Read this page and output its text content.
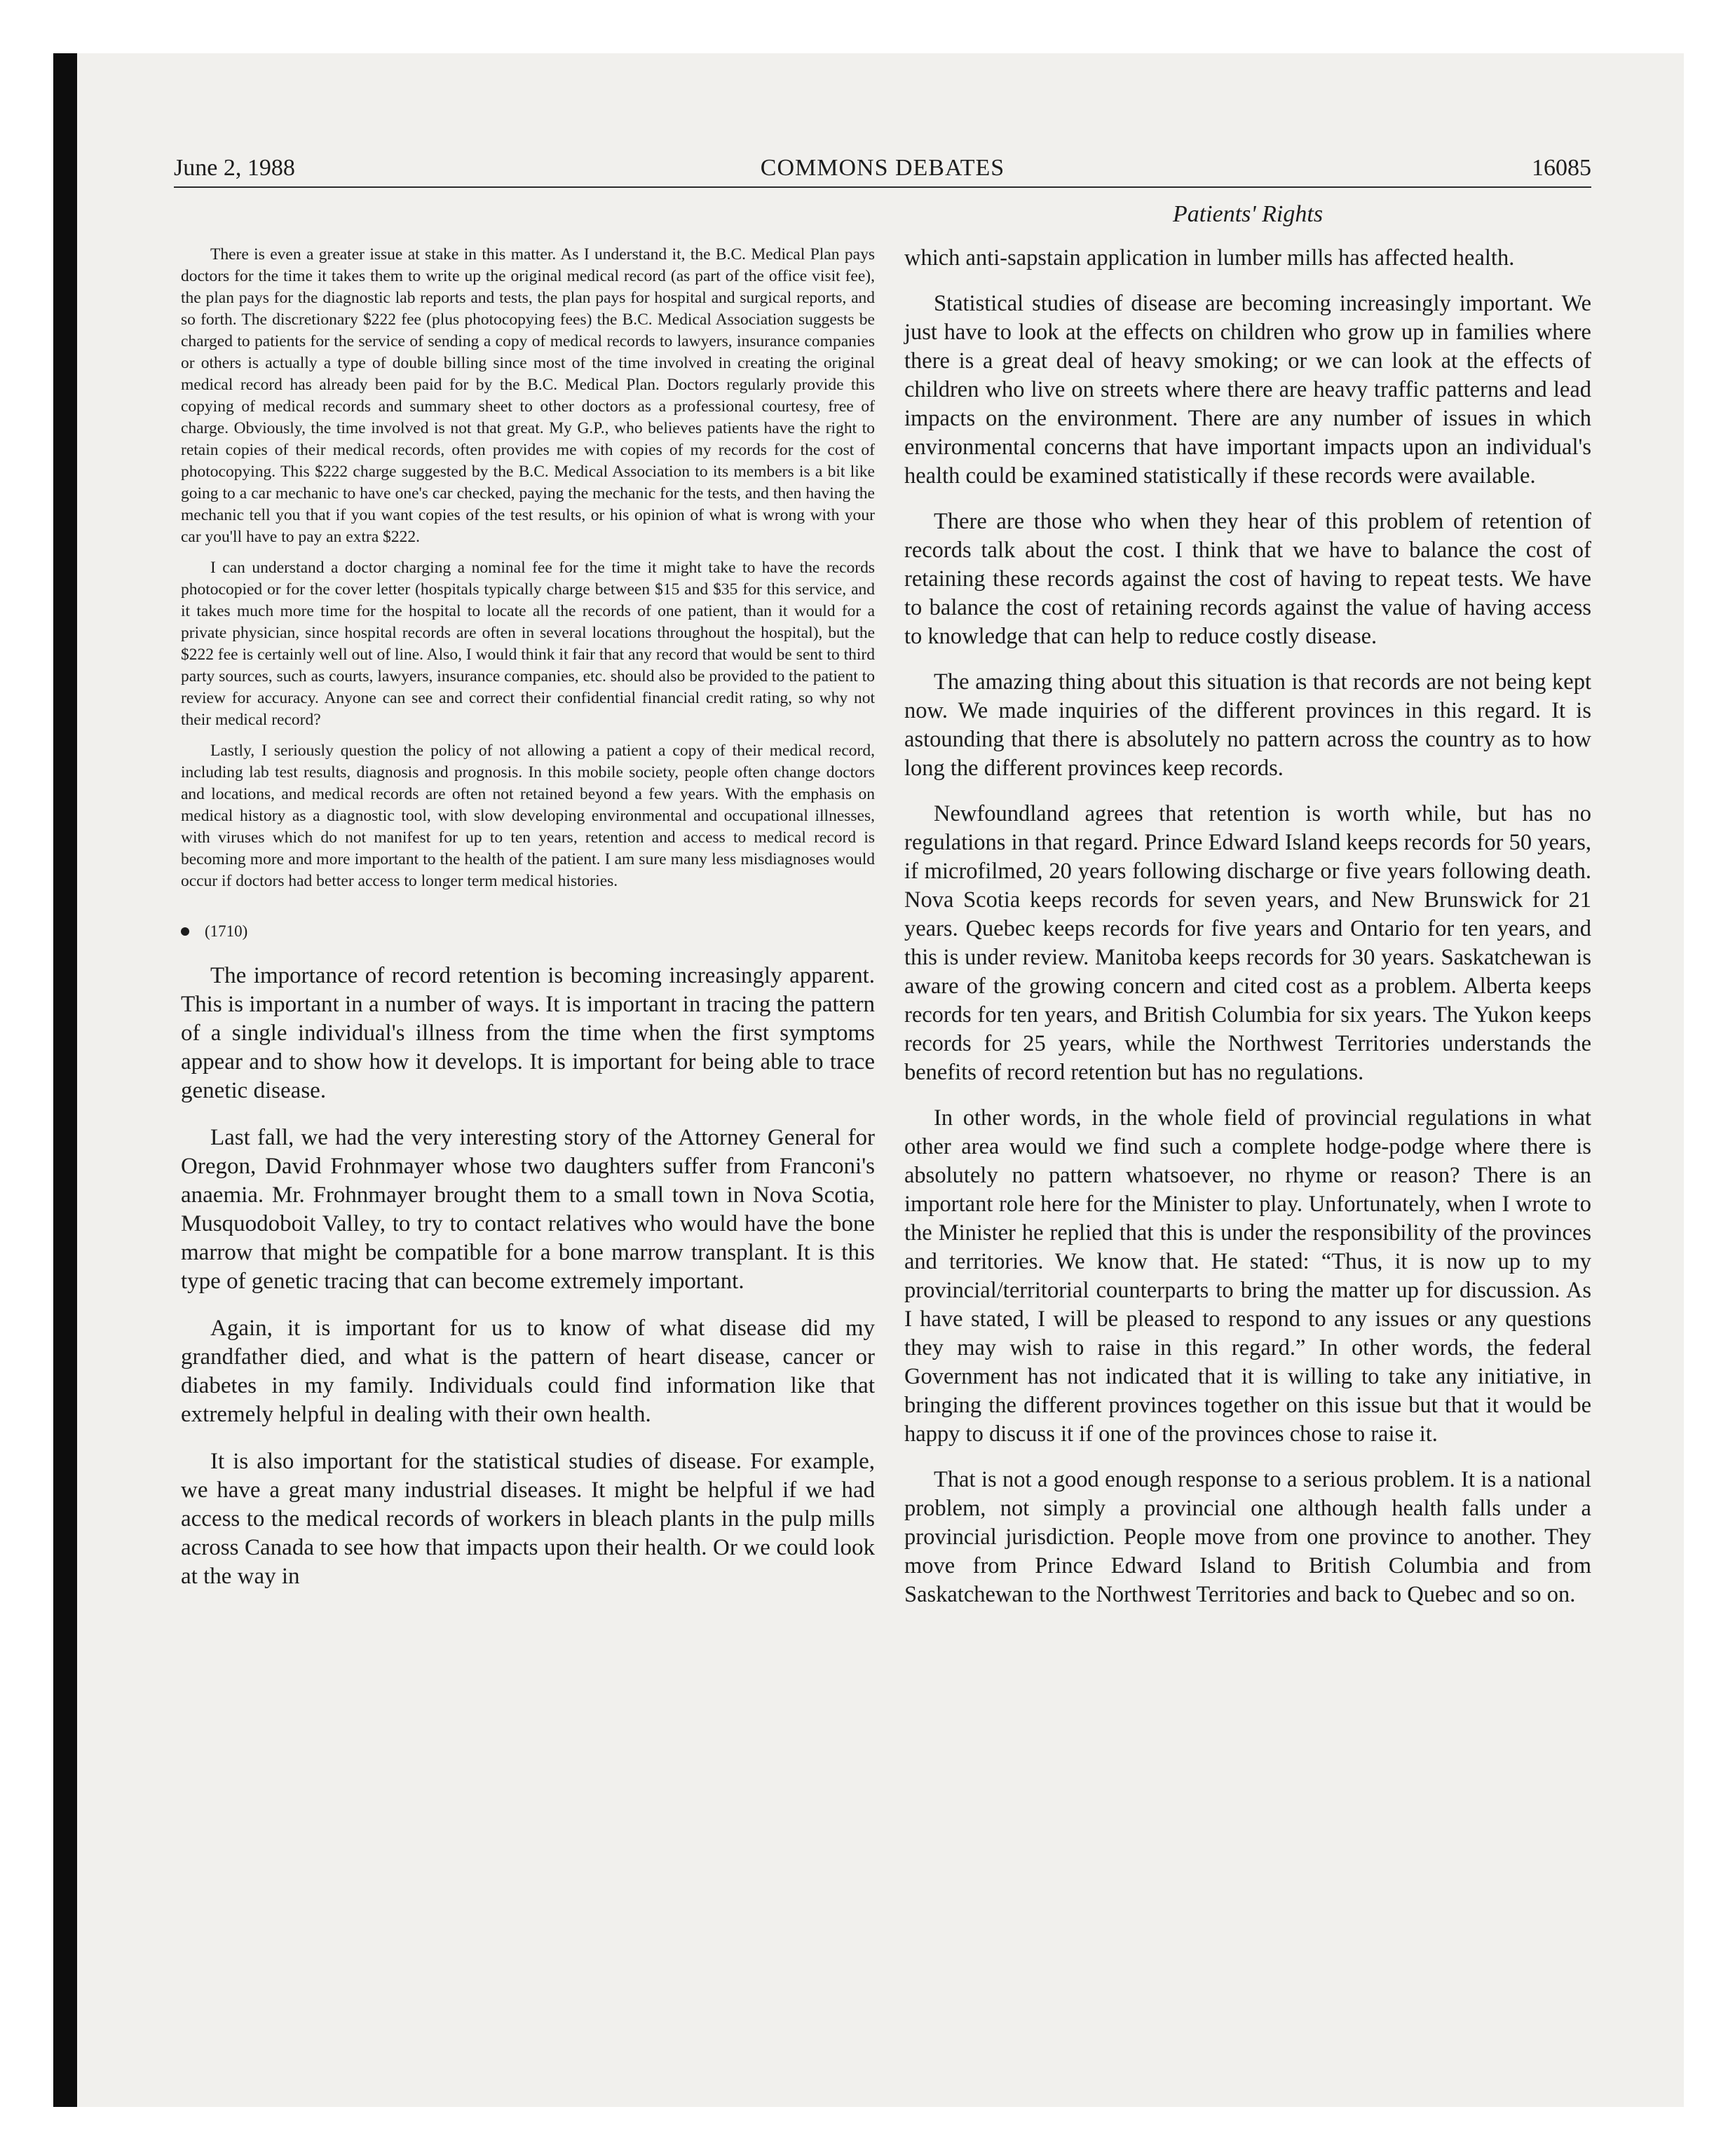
June 2, 1988	COMMONS DEBATES	16085
Patients' Rights

There is even a greater issue at stake in this matter. As I understand it, the B.C. Medical Plan pays doctors for the time it takes them to write up the original medical record (as part of the office visit fee), the plan pays for the diagnostic lab reports and tests, the plan pays for hospital and surgical reports, and so forth. The discretionary $222 fee (plus photocopying fees) the B.C. Medical Association suggests be charged to patients for the service of sending a copy of medical records to lawyers, insurance companies or others is actually a type of double billing since most of the time involved in creating the original medical record has already been paid for by the B.C. Medical Plan. Doctors regularly provide this copying of medical records and summary sheet to other doctors as a professional courtesy, free of charge. Obviously, the time involved is not that great. My G.P., who believes patients have the right to retain copies of their medical records, often provides me with copies of my records for the cost of photocopying. This $222 charge suggested by the B.C. Medical Association to its members is a bit like going to a car mechanic to have one's car checked, paying the mechanic for the tests, and then having the mechanic tell you that if you want copies of the test results, or his opinion of what is wrong with your car you'll have to pay an extra $222.

I can understand a doctor charging a nominal fee for the time it might take to have the records photocopied or for the cover letter (hospitals typically charge between $15 and $35 for this service, and it takes much more time for the hospital to locate all the records of one patient, than it would for a private physician, since hospital records are often in several locations throughout the hospital), but the $222 fee is certainly well out of line. Also, I would think it fair that any record that would be sent to third party sources, such as courts, lawyers, insurance companies, etc. should also be provided to the patient to review for accuracy. Anyone can see and correct their confidential financial credit rating, so why not their medical record?

Lastly, I seriously question the policy of not allowing a patient a copy of their medical record, including lab test results, diagnosis and prognosis. In this mobile society, people often change doctors and locations, and medical records are often not retained beyond a few years. With the emphasis on medical history as a diagnostic tool, with slow developing environmental and occupational illnesses, with viruses which do not manifest for up to ten years, retention and access to medical record is becoming more and more important to the health of the patient. I am sure many less misdiagnoses would occur if doctors had better access to longer term medical histories.

(1710)

The importance of record retention is becoming increasingly apparent. This is important in a number of ways. It is important in tracing the pattern of a single individual's illness from the time when the first symptoms appear and to show how it develops. It is important for being able to trace genetic disease.

Last fall, we had the very interesting story of the Attorney General for Oregon, David Frohnmayer whose two daughters suffer from Franconi's anaemia. Mr. Frohnmayer brought them to a small town in Nova Scotia, Musquodoboit Valley, to try to contact relatives who would have the bone marrow that might be compatible for a bone marrow transplant. It is this type of genetic tracing that can become extremely important.

Again, it is important for us to know of what disease did my grandfather died, and what is the pattern of heart disease, cancer or diabetes in my family. Individuals could find information like that extremely helpful in dealing with their own health.

It is also important for the statistical studies of disease. For example, we have a great many industrial diseases. It might be helpful if we had access to the medical records of workers in bleach plants in the pulp mills across Canada to see how that impacts upon their health. Or we could look at the way in

which anti-sapstain application in lumber mills has affected health.

Statistical studies of disease are becoming increasingly important. We just have to look at the effects on children who grow up in families where there is a great deal of heavy smoking; or we can look at the effects of children who live on streets where there are heavy traffic patterns and lead impacts on the environment. There are any number of issues in which environmental concerns that have important impacts upon an individual's health could be examined statistically if these records were available.

There are those who when they hear of this problem of retention of records talk about the cost. I think that we have to balance the cost of retaining these records against the cost of having to repeat tests. We have to balance the cost of retaining records against the value of having access to knowledge that can help to reduce costly disease.

The amazing thing about this situation is that records are not being kept now. We made inquiries of the different provinces in this regard. It is astounding that there is absolutely no pattern across the country as to how long the different provinces keep records.

Newfoundland agrees that retention is worth while, but has no regulations in that regard. Prince Edward Island keeps records for 50 years, if microfilmed, 20 years following discharge or five years following death. Nova Scotia keeps records for seven years, and New Brunswick for 21 years. Quebec keeps records for five years and Ontario for ten years, and this is under review. Manitoba keeps records for 30 years. Saskatchewan is aware of the growing concern and cited cost as a problem. Alberta keeps records for ten years, and British Columbia for six years. The Yukon keeps records for 25 years, while the Northwest Territories understands the benefits of record retention but has no regulations.

In other words, in the whole field of provincial regulations in what other area would we find such a complete hodge-podge where there is absolutely no pattern whatsoever, no rhyme or reason? There is an important role here for the Minister to play. Unfortunately, when I wrote to the Minister he replied that this is under the responsibility of the provinces and territories. We know that. He stated: “Thus, it is now up to my provincial/territorial counterparts to bring the matter up for discussion. As I have stated, I will be pleased to respond to any issues or any questions they may wish to raise in this regard.” In other words, the federal Government has not indicated that it is willing to take any initiative, in bringing the different provinces together on this issue but that it would be happy to discuss it if one of the provinces chose to raise it.

That is not a good enough response to a serious problem. It is a national problem, not simply a provincial one although health falls under a provincial jurisdiction. People move from one province to another. They move from Prince Edward Island to British Columbia and from Saskatchewan to the Northwest Territories and back to Quebec and so on.
